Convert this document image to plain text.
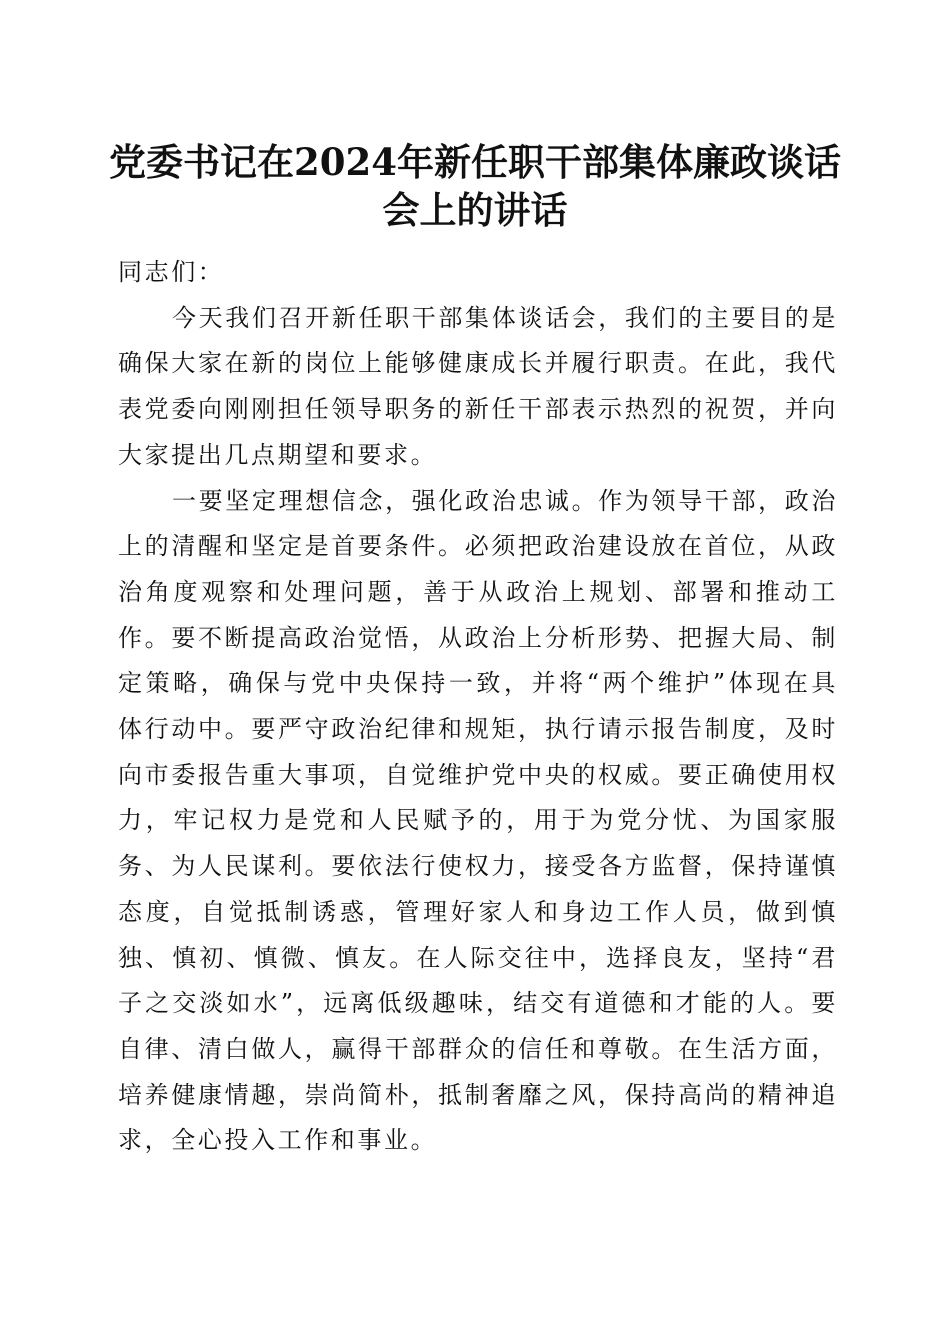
党委书记在2024年新任职干部集体廉政谈话
会上的讲话

同志们：

今天我们召开新任职干部集体谈话会，我们的主要目的是确保大家在新的岗位上能够健康成长并履行职责。在此，我代表党委向刚刚担任领导职务的新任干部表示热烈的祝贺，并向大家提出几点期望和要求。

一要坚定理想信念，强化政治忠诚。作为领导干部，政治上的清醒和坚定是首要条件。必须把政治建设放在首位，从政治角度观察和处理问题，善于从政治上规划、部署和推动工作。要不断提高政治觉悟，从政治上分析形势、把握大局、制定策略，确保与党中央保持一致，并将“两个维护”体现在具体行动中。要严守政治纪律和规矩，执行请示报告制度，及时向市委报告重大事项，自觉维护党中央的权威。要正确使用权力，牢记权力是党和人民赋予的，用于为党分忧、为国家服务、为人民谋利。要依法行使权力，接受各方监督，保持谨慎态度，自觉抵制诱惑，管理好家人和身边工作人员，做到慎独、慎初、慎微、慎友。在人际交往中，选择良友，坚持“君子之交淡如水”，远离低级趣味，结交有道德和才能的人。要自律、清白做人，赢得干部群众的信任和尊敬。在生活方面，培养健康情趣，崇尚简朴，抵制奢靡之风，保持高尚的精神追求，全心投入工作和事业。
